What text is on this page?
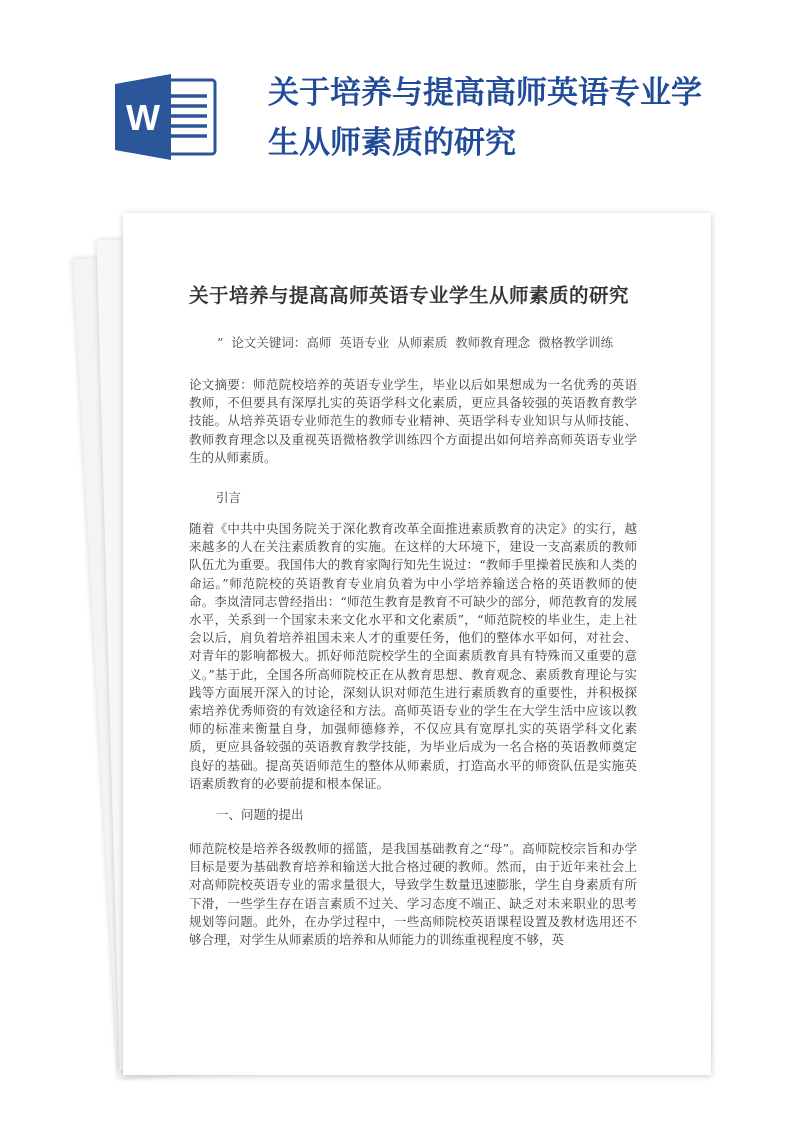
W
关于培养与提高高师英语专业学生从师素质的研究
关于培养与提高高师英语专业学生从师素质的研究

”  论文关键词：高师  英语专业  从师素质  教师教育理念  微格教学训练

论文摘要：师范院校培养的英语专业学生，毕业以后如果想成为一名优秀的英语教师，不但要具有深厚扎实的英语学科文化素质，更应具备较强的英语教育教学技能。从培养英语专业师范生的教师专业精神、英语学科专业知识与从师技能、教师教育理念以及重视英语微格教学训练四个方面提出如何培养高师英语专业学生的从师素质。

引言

随着《中共中央国务院关于深化教育改革全面推进素质教育的决定》的实行，越来越多的人在关注素质教育的实施。在这样的大环境下，建设一支高素质的教师队伍尤为重要。我国伟大的教育家陶行知先生说过：“教师手里操着民族和人类的命运。”师范院校的英语教育专业肩负着为中小学培养输送合格的英语教师的使命。李岚清同志曾经指出：“师范生教育是教育不可缺少的部分，师范教育的发展水平，关系到一个国家未来文化水平和文化素质”，“师范院校的毕业生，走上社会以后，肩负着培养祖国未来人才的重要任务，他们的整体水平如何，对社会、对青年的影响都极大。抓好师范院校学生的全面素质教育具有特殊而又重要的意义。”基于此，全国各所高师院校正在从教育思想、教育观念、素质教育理论与实践等方面展开深入的讨论，深刻认识对师范生进行素质教育的重要性，并积极探索培养优秀师资的有效途径和方法。高师英语专业的学生在大学生活中应该以教师的标准来衡量自身，加强师德修养，不仅应具有宽厚扎实的英语学科文化素质，更应具备较强的英语教育教学技能，为毕业后成为一名合格的英语教师奠定良好的基础。提高英语师范生的整体从师素质，打造高水平的师资队伍是实施英语素质教育的必要前提和根本保证。

一、问题的提出

师范院校是培养各级教师的摇篮，是我国基础教育之“母”。高师院校宗旨和办学目标是要为基础教育培养和输送大批合格过硬的教师。然而，由于近年来社会上对高师院校英语专业的需求量很大，导致学生数量迅速膨胀，学生自身素质有所下滑，一些学生存在语言素质不过关、学习态度不端正、缺乏对未来职业的思考规划等问题。此外，在办学过程中，一些高师院校英语课程设置及教材选用还不够合理，对学生从师素质的培养和从师能力的训练重视程度不够，英
